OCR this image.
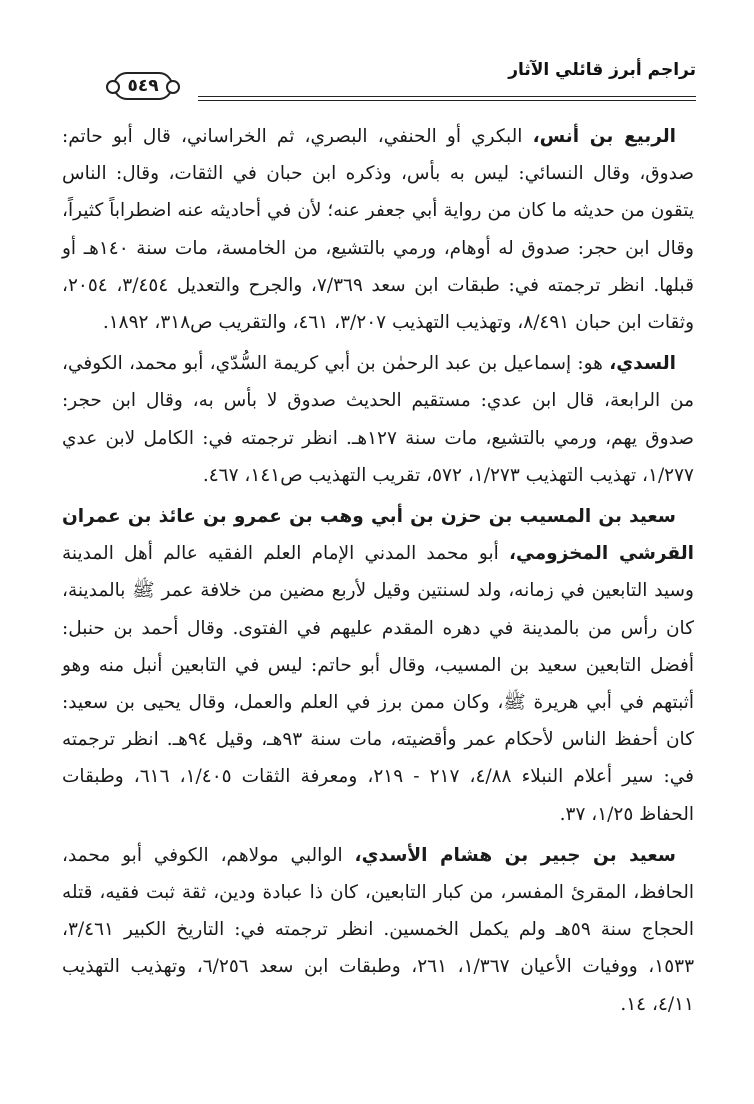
تراجم أبرز قائلي الآثار
٥٤٩

الربيع بن أنس، البكري أو الحنفي، البصري، ثم الخراساني، قال أبو حاتم: صدوق، وقال النسائي: ليس به بأس، وذكره ابن حبان في الثقات، وقال: الناس يتقون من حديثه ما كان من رواية أبي جعفر عنه؛ لأن في أحاديثه عنه اضطراباً كثيراً، وقال ابن حجر: صدوق له أوهام، ورمي بالتشيع، من الخامسة، مات سنة ١٤٠هـ أو قبلها. انظر ترجمته في: طبقات ابن سعد ٧/٣٦٩، والجرح والتعديل ٣/٤٥٤، ٢٠٥٤، وثقات ابن حبان ٨/٤٩١، وتهذيب التهذيب ٣/٢٠٧، ٤٦١، والتقريب ص٣١٨، ١٨٩٢.

السدي، هو: إسماعيل بن عبد الرحمٰن بن أبي كريمة السُّدّي، أبو محمد، الكوفي، من الرابعة، قال ابن عدي: مستقيم الحديث صدوق لا بأس به، وقال ابن حجر: صدوق يهم، ورمي بالتشيع، مات سنة ١٢٧هـ. انظر ترجمته في: الكامل لابن عدي ١/٢٧٧، تهذيب التهذيب ١/٢٧٣، ٥٧٢، تقريب التهذيب ص١٤١، ٤٦٧.

سعيد بن المسيب بن حزن بن أبي وهب بن عمرو بن عائذ بن عمران القرشي المخزومي، أبو محمد المدني الإمام العلم الفقيه عالم أهل المدينة وسيد التابعين في زمانه، ولد لسنتين وقيل لأربع مضين من خلافة عمر ﷺ بالمدينة، كان رأس من بالمدينة في دهره المقدم عليهم في الفتوى. وقال أحمد بن حنبل: أفضل التابعين سعيد بن المسيب، وقال أبو حاتم: ليس في التابعين أنبل منه وهو أثبتهم في أبي هريرة ﷺ، وكان ممن برز في العلم والعمل، وقال يحيى بن سعيد: كان أحفظ الناس لأحكام عمر وأقضيته، مات سنة ٩٣هـ، وقيل ٩٤هـ. انظر ترجمته في: سير أعلام النبلاء ٤/٨٨، ٢١٧ - ٢١٩، ومعرفة الثقات ١/٤٠٥، ٦١٦، وطبقات الحفاظ ١/٢٥، ٣٧.

سعيد بن جبير بن هشام الأسدي، الوالبي مولاهم، الكوفي أبو محمد، الحافظ، المقرئ المفسر، من كبار التابعين، كان ذا عبادة ودين، ثقة ثبت فقيه، قتله الحجاج سنة ٥٩هـ ولم يكمل الخمسين. انظر ترجمته في: التاريخ الكبير ٣/٤٦١، ١٥٣٣، ووفيات الأعيان ١/٣٦٧، ٢٦١، وطبقات ابن سعد ٦/٢٥٦، وتهذيب التهذيب ٤/١١، ١٤.
